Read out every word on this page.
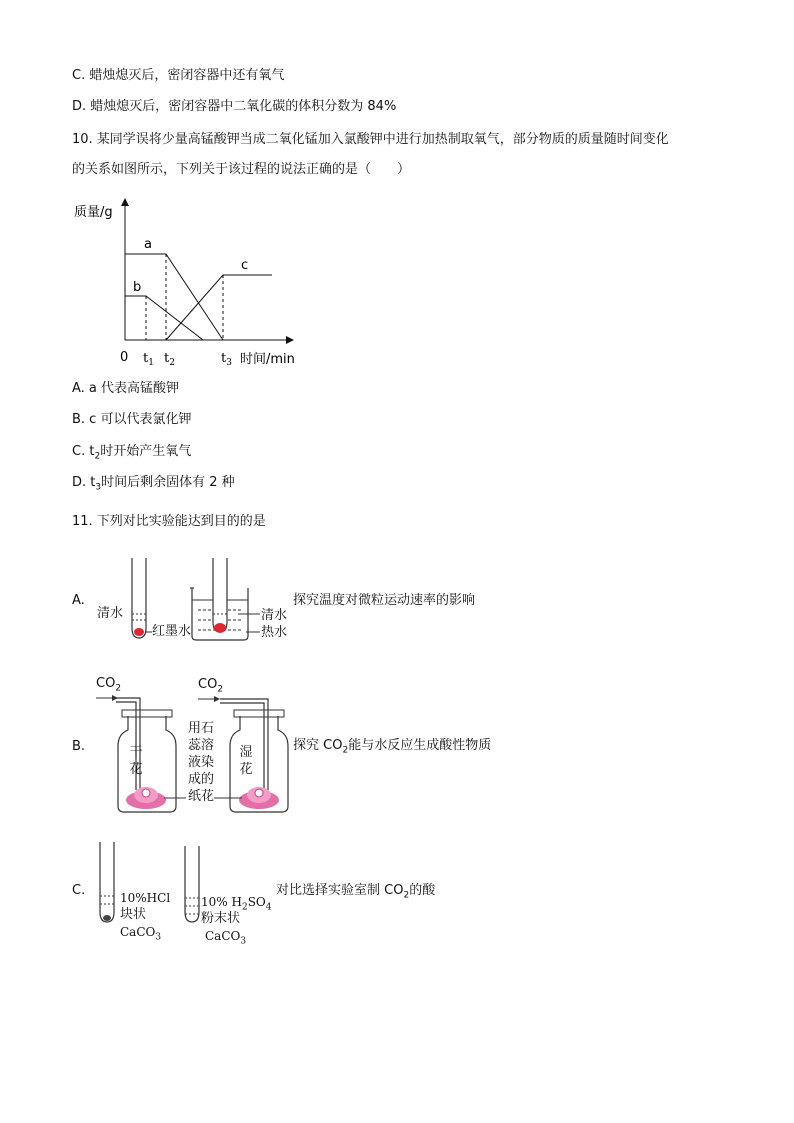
C. 蜡烛熄灭后，密闭容器中还有氧气
D. 蜡烛熄灭后，密闭容器中二氧化碳的体积分数为 84%
10. 某同学误将少量高锰酸钾当成二氧化锰加入氯酸钾中进行加热制取氧气，部分物质的质量随时间变化
的关系如图所示，下列关于该过程的说法正确的是（　　）
质量/g
a
b
c
0 $t_1$ $t_2$	$t_3$ 时间/min
A. a 代表高锰酸钾
B. c 可以代表氯化钾
C. $t_2$时开始产生氧气
D. $t_3$时间后剩余固体有 2 种
11. 下列对比实验能达到目的的是
A.
清水
红墨水
清水
热水
探究温度对微粒运动速率的影响
B.
$CO_2$	$CO_2$
干
花
湿
花
用石
蕊溶
液染
成的
纸花
探究 $CO_2$能与水反应生成酸性物质
C.	10%HCl
块状
CaCO$_3$
10% $H_2SO_4$
粉末状
CaCO$_3$
对比选择实验室制 $CO_2$的酸
